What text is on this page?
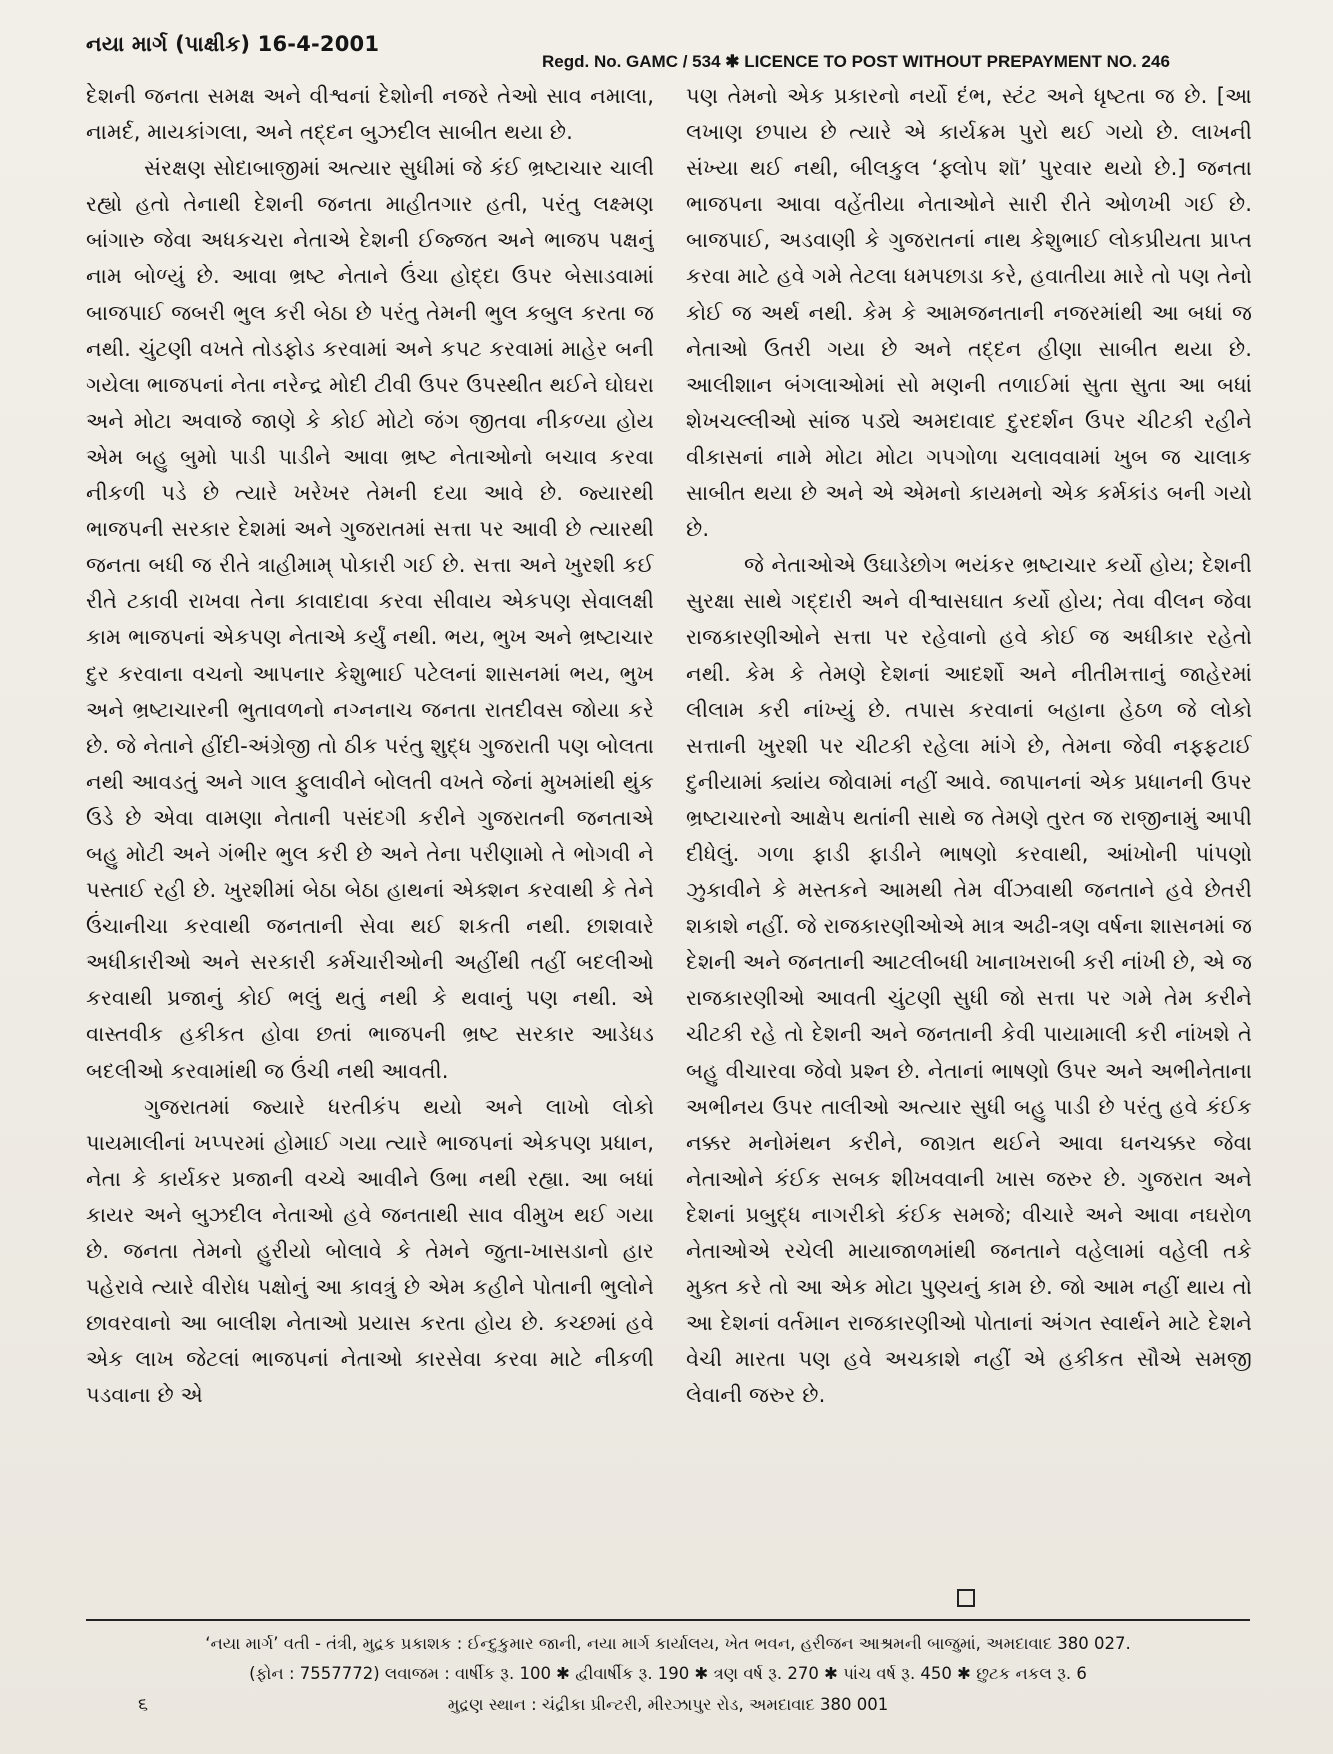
નયા માર્ગ (પાક્ષીક) 16-4-2001
Regd. No. GAMC / 534 ✱ LICENCE TO POST WITHOUT PREPAYMENT NO. 246

દેશની જનતા સમક્ષ અને વીશ્વનાં દેશોની નજરે તેઓ સાવ નમાલા, નામર્દ, માયકાંગલા, અને તદ્દન બુઝદીલ સાબીત થયા છે.

સંરક્ષણ સોદાબાજીમાં અત્યાર સુધીમાં જે કંઈ ભ્રષ્ટાચાર ચાલી રહ્યો હતો તેનાથી દેશની જનતા માહીતગાર હતી, પરંતુ લક્ષ્મણ બાંગારુ જેવા અધકચરા નેતાએ દેશની ઈજ્જત અને ભાજપ પક્ષનું નામ બોળ્યું છે. આવા ભ્રષ્ટ નેતાને ઉંચા હોદ્દા ઉપર બેસાડવામાં બાજપાઈ જબરી ભુલ કરી બેઠા છે પરંતુ તેમની ભુલ કબુલ કરતા જ નથી. ચુંટણી વખતે તોડફોડ કરવામાં અને કપટ કરવામાં માહેર બની ગયેલા ભાજપનાં નેતા નરેન્દ્ર મોદી ટીવી ઉપર ઉપસ્થીત થઈને ઘોઘરા અને મોટા અવાજે જાણે કે કોઈ મોટો જંગ જીતવા નીકળ્યા હોય એમ બહુ બુમો પાડી પાડીને આવા ભ્રષ્ટ નેતાઓનો બચાવ કરવા નીકળી પડે છે ત્યારે ખરેખર તેમની દયા આવે છે. જ્યારથી ભાજપની સરકાર દેશમાં અને ગુજરાતમાં સત્તા પર આવી છે ત્યારથી જનતા બધી જ રીતે ત્રાહીમામ્ પોકારી ગઈ છે. સત્તા અને ખુરશી કઈ રીતે ટકાવી રાખવા તેના કાવાદાવા કરવા સીવાય એકપણ સેવાલક્ષી કામ ભાજપનાં એકપણ નેતાએ કર્યું નથી. ભય, ભુખ અને ભ્રષ્ટાચાર દુર કરવાના વચનો આપનાર કેશુભાઈ પટેલનાં શાસનમાં ભય, ભુખ અને ભ્રષ્ટાચારની ભુતાવળનો નગ્નનાચ જનતા રાતદીવસ જોયા કરે છે. જે નેતાને હીંદી-અંગ્રેજી તો ઠીક પરંતુ શુદ્ધ ગુજરાતી પણ બોલતા નથી આવડતું અને ગાલ ફુલાવીને બોલતી વખતે જેનાં મુખમાંથી થુંક ઉડે છે એવા વામણા નેતાની પસંદગી કરીને ગુજરાતની જનતાએ બહુ મોટી અને ગંભીર ભુલ કરી છે અને તેના પરીણામો તે ભોગવી ને પસ્તાઈ રહી છે. ખુરશીમાં બેઠા બેઠા હાથનાં એક્શન કરવાથી કે તેને ઉંચાનીચા કરવાથી જનતાની સેવા થઈ શકતી નથી. છાશવારે અધીકારીઓ અને સરકારી કર્મચારીઓની અહીંથી તહીં બદલીઓ કરવાથી પ્રજાનું કોઈ ભલું થતું નથી કે થવાનું પણ નથી. એ વાસ્તવીક હકીકત હોવા છતાં ભાજપની ભ્રષ્ટ સરકાર આડેધડ બદલીઓ કરવામાંથી જ ઉંચી નથી આવતી.

ગુજરાતમાં જ્યારે ધરતીકંપ થયો અને લાખો લોકો પાયમાલીનાં ખપ્પરમાં હોમાઈ ગયા ત્યારે ભાજપનાં એકપણ પ્રધાન, નેતા કે કાર્યકર પ્રજાની વચ્ચે આવીને ઉભા નથી રહ્યા. આ બધાં કાયર અને બુઝદીલ નેતાઓ હવે જનતાથી સાવ વીમુખ થઈ ગયા છે. જનતા તેમનો હુરીયો બોલાવે કે તેમને જુતા-ખાસડાનો હાર પહેરાવે ત્યારે વીરોધ પક્ષોનું આ કાવત્રું છે એમ કહીને પોતાની ભુલોને છાવરવાનો આ બાલીશ નેતાઓ પ્રયાસ કરતા હોય છે. કચ્છમાં હવે એક લાખ જેટલાં ભાજપનાં નેતાઓ કારસેવા કરવા માટે નીકળી પડવાના છે એ

પણ તેમનો એક પ્રકારનો નર્યો દંભ, સ્ટંટ અને ધૃષ્ટતા જ છે. [આ લખાણ છપાય છે ત્યારે એ કાર્યક્રમ પુરો થઈ ગયો છે. લાખની સંખ્યા થઈ નથી, બીલકુલ ‘ફ્લોપ શૉ’ પુરવાર થયો છે.] જનતા ભાજપના આવા વહેંતીયા નેતાઓને સારી રીતે ઓળખી ગઈ છે. બાજપાઈ, અડવાણી કે ગુજરાતનાં નાથ કેશુભાઈ લોકપ્રીયતા પ્રાપ્ત કરવા માટે હવે ગમે તેટલા ધમપછાડા કરે, હવાતીયા મારે તો પણ તેનો કોઈ જ અર્થ નથી. કેમ કે આમજનતાની નજરમાંથી આ બધાં જ નેતાઓ ઉતરી ગયા છે અને તદ્દન હીણા સાબીત થયા છે. આલીશાન બંગલાઓમાં સો મણની તળાઈમાં સુતા સુતા આ બધાં શેખચલ્લીઓ સાંજ પડ્યે અમદાવાદ દુરદર્શન ઉપર ચીટકી રહીને વીકાસનાં નામે મોટા મોટા ગપગોળા ચલાવવામાં ખુબ જ ચાલાક સાબીત થયા છે અને એ એમનો કાયમનો એક કર્મકાંડ બની ગયો છે.

જે નેતાઓએ ઉઘાડેછોગ ભયંકર ભ્રષ્ટાચાર કર્યો હોય; દેશની સુરક્ષા સાથે ગદ્દારી અને વીશ્વાસઘાત કર્યો હોય; તેવા વીલન જેવા રાજકારણીઓને સત્તા પર રહેવાનો હવે કોઈ જ અધીકાર રહેતો નથી. કેમ કે તેમણે દેશનાં આદર્શો અને નીતીમત્તાનું જાહેરમાં લીલામ કરી નાંખ્યું છે. તપાસ કરવાનાં બહાના હેઠળ જે લોકો સત્તાની ખુરશી પર ચીટકી રહેલા માંગે છે, તેમના જેવી નફ્ફટાઈ દુનીયામાં ક્યાંય જોવામાં નહીં આવે. જાપાનનાં એક પ્રધાનની ઉપર ભ્રષ્ટાચારનો આક્ષેપ થતાંની સાથે જ તેમણે તુરત જ રાજીનામું આપી દીધેલું. ગળા ફાડી ફાડીને ભાષણો કરવાથી, આંખોની પાંપણો ઝુકાવીને કે મસ્તકને આમથી તેમ વીંઝવાથી જનતાને હવે છેતરી શકાશે નહીં. જે રાજકારણીઓએ માત્ર અઢી-ત્રણ વર્ષના શાસનમાં જ દેશની અને જનતાની આટલીબધી ખાનાખરાબી કરી નાંખી છે, એ જ રાજકારણીઓ આવતી ચુંટણી સુધી જો સત્તા પર ગમે તેમ કરીને ચીટકી રહે તો દેશની અને જનતાની કેવી પાયામાલી કરી નાંખશે તે બહુ વીચારવા જેવો પ્રશ્ન છે. નેતાનાં ભાષણો ઉપર અને અભીનેતાના અભીનય ઉપર તાલીઓ અત્યાર સુધી બહુ પાડી છે પરંતુ હવે કંઈક નક્કર મનોમંથન કરીને, જાગ્રત થઈને આવા ઘનચક્કર જેવા નેતાઓને કંઈક સબક શીખવવાની ખાસ જરુર છે. ગુજરાત અને દેશનાં પ્રબુદ્ધ નાગરીકો કંઈક સમજે; વીચારે અને આવા નઘરોળ નેતાઓએ રચેલી માયાજાળમાંથી જનતાને વહેલામાં વહેલી તકે મુક્ત કરે તો આ એક મોટા પુણ્યનું કામ છે. જો આમ નહીં થાય તો આ દેશનાં વર્તમાન રાજકારણીઓ પોતાનાં અંગત સ્વાર્થને માટે દેશને વેચી મારતા પણ હવે અચકાશે નહીં એ હકીકત સૌએ સમજી લેવાની જરુર છે.

‘નયા માર્ગ’ વતી - તંત્રી, મુદ્રક પ્રકાશક : ઈન્દુકુમાર જાની, નયા માર્ગ કાર્યાલય, ખેત ભવન, હરીજન આશ્રમની બાજુમાં, અમદાવાદ 380 027.
(ફોન : 7557772) લવાજમ : વાર્ષીક રૂ. 100 ✱ દ્વીવાર્ષીક રૂ. 190 ✱ ત્રણ વર્ષ રૂ. 270 ✱ પાંચ વર્ષ રૂ. 450 ✱ છુટક નકલ રૂ. 6
મુદ્રણ સ્થાન : ચંદ્રીકા પ્રીન્ટરી, મીરઝાપુર રોડ, અમદાવાદ 380 001
૬
